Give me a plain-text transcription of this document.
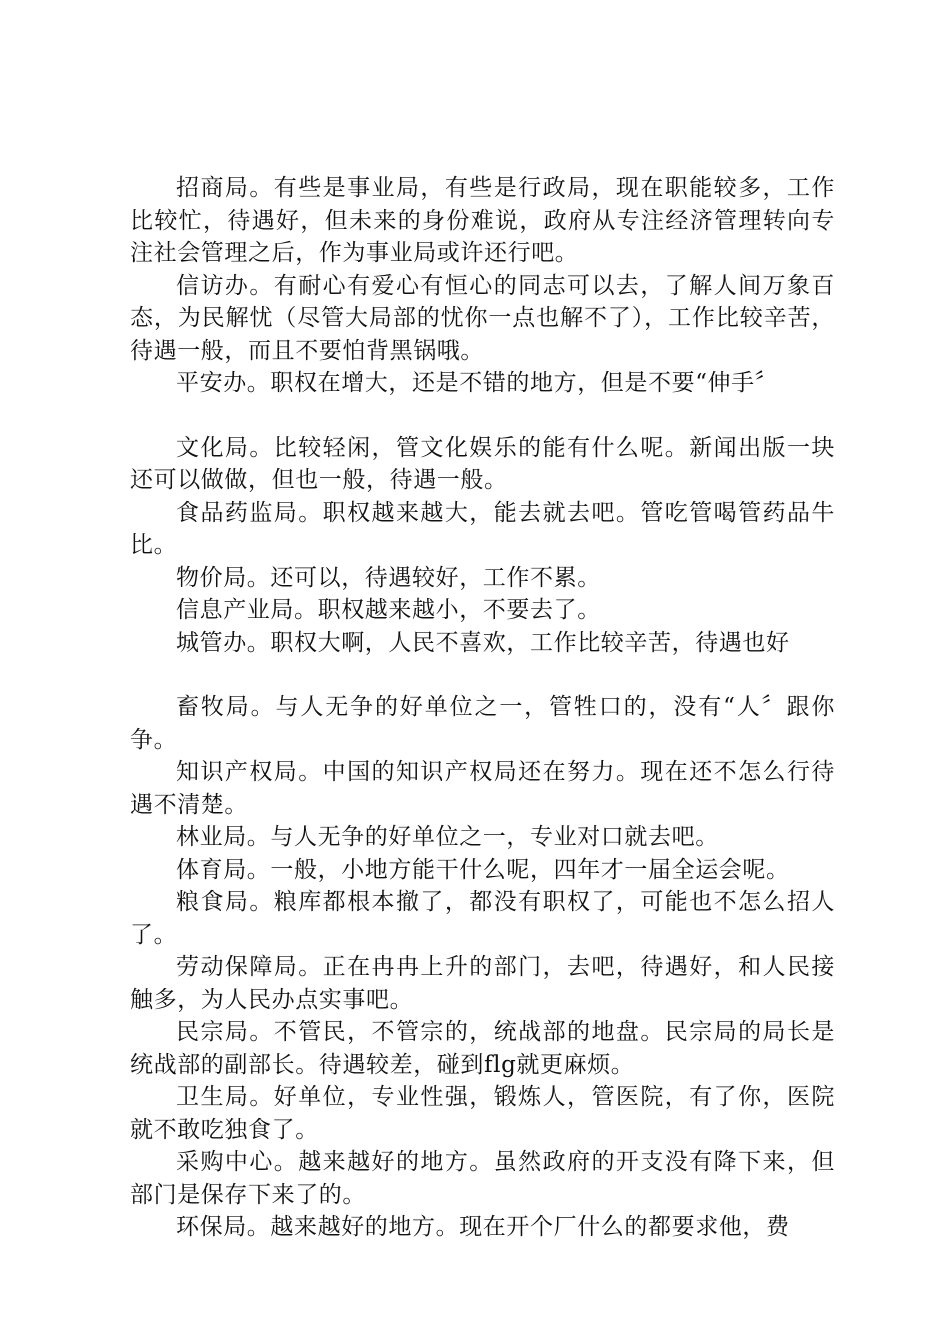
招商局。有些是事业局，有些是行政局，现在职能较多，工作比较忙，待遇好，但未来的身份难说，政府从专注经济管理转向专注社会管理之后，作为事业局或许还行吧。

信访办。有耐心有爱心有恒心的同志可以去，了解人间万象百态，为民解忧（尽管大局部的忧你一点也解不了），工作比较辛苦，待遇一般，而且不要怕背黑锅哦。

平安办。职权在增大，还是不错的地方，但是不要“伸手〞

文化局。比较轻闲，管文化娱乐的能有什么呢。新闻出版一块还可以做做，但也一般，待遇一般。

食品药监局。职权越来越大，能去就去吧。管吃管喝管药品牛比。

物价局。还可以，待遇较好，工作不累。

信息产业局。职权越来越小，不要去了。

城管办。职权大啊，人民不喜欢，工作比较辛苦，待遇也好

畜牧局。与人无争的好单位之一，管牲口的，没有“人〞跟你争。

知识产权局。中国的知识产权局还在努力。现在还不怎么行待遇不清楚。

林业局。与人无争的好单位之一，专业对口就去吧。

体育局。一般，小地方能干什么呢，四年才一届全运会呢。

粮食局。粮库都根本撤了，都没有职权了，可能也不怎么招人了。

劳动保障局。正在冉冉上升的部门，去吧，待遇好，和人民接触多，为人民办点实事吧。

民宗局。不管民，不管宗的，统战部的地盘。民宗局的局长是统战部的副部长。待遇较差，碰到flg就更麻烦。

卫生局。好单位，专业性强，锻炼人，管医院，有了你，医院就不敢吃独食了。

采购中心。越来越好的地方。虽然政府的开支没有降下来，但部门是保存下来了的。

环保局。越来越好的地方。现在开个厂什么的都要求他，费
